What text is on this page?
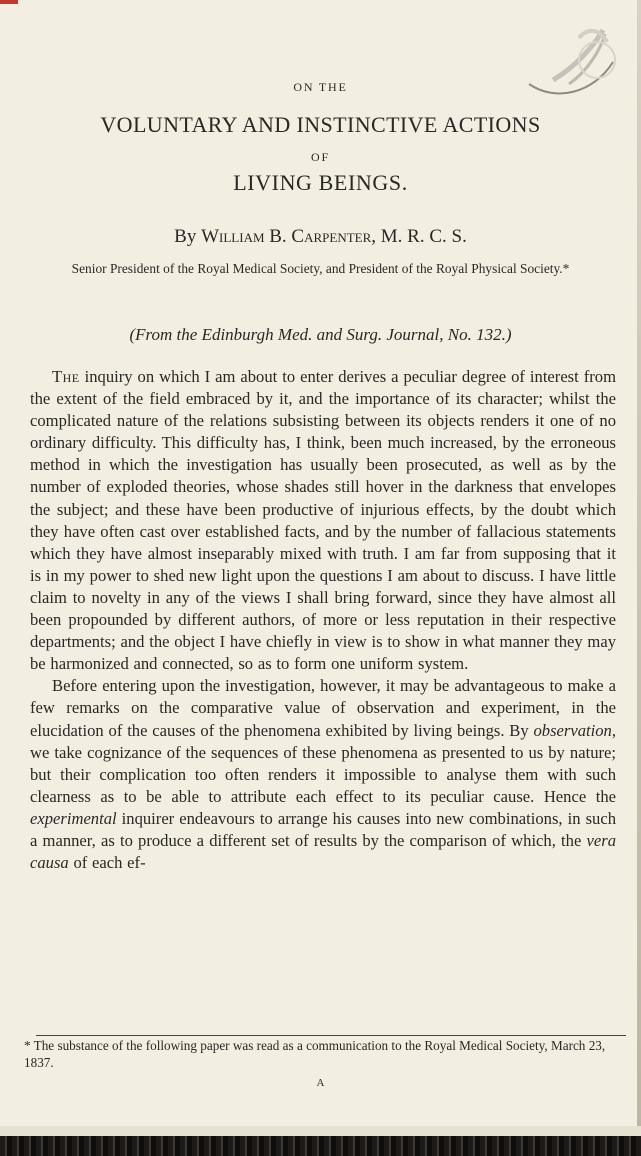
ON THE
VOLUNTARY AND INSTINCTIVE ACTIONS
OF
LIVING BEINGS.
By William B. Carpenter, M. R. C. S.
Senior President of the Royal Medical Society, and President of the Royal Physical Society.*
(From the Edinburgh Med. and Surg. Journal, No. 132.)

The inquiry on which I am about to enter derives a peculiar degree of interest from the extent of the field embraced by it, and the importance of its character; whilst the complicated nature of the relations subsisting between its objects renders it one of no ordinary difficulty. This difficulty has, I think, been much increased, by the erroneous method in which the investigation has usually been prosecuted, as well as by the number of exploded theories, whose shades still hover in the darkness that envelopes the subject; and these have been productive of injurious effects, by the doubt which they have often cast over established facts, and by the number of fallacious statements which they have almost inseparably mixed with truth. I am far from supposing that it is in my power to shed new light upon the questions I am about to discuss. I have little claim to novelty in any of the views I shall bring forward, since they have almost all been propounded by different authors, of more or less reputation in their respective departments; and the object I have chiefly in view is to show in what manner they may be harmonized and connected, so as to form one uniform system.

Before entering upon the investigation, however, it may be advantageous to make a few remarks on the comparative value of observation and experiment, in the elucidation of the causes of the phenomena exhibited by living beings. By observation, we take cognizance of the sequences of these phenomena as presented to us by nature; but their complication too often renders it impossible to analyse them with such clearness as to be able to attribute each effect to its peculiar cause. Hence the experimental inquirer endeavours to arrange his causes into new combinations, in such a manner, as to produce a different set of results by the comparison of which, the vera causa of each ef-

* The substance of the following paper was read as a communication to the Royal Medical Society, March 23, 1837.
A
